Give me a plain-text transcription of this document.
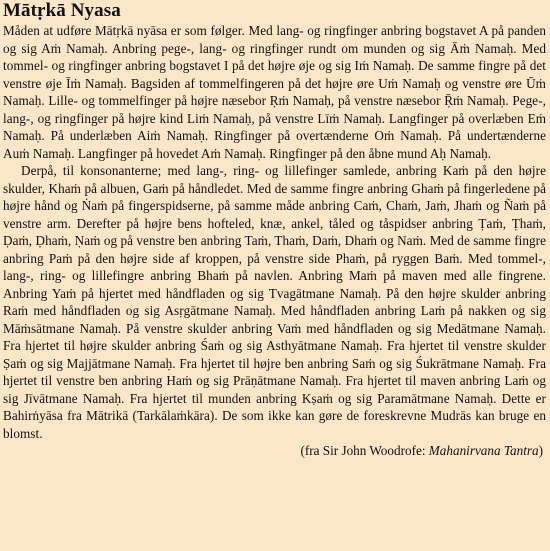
Mātṛkā Nyasa

Måden at udføre Mātṛkā nyāsa er som følger. Med lang- og ringfinger anbring bogstavet A på panden og sig Aṁ Namaḥ. Anbring pege-, lang- og ringfinger rundt om munden og sig Āṁ Namaḥ. Med tommel- og ringfinger anbring bogstavet I på det højre øje og sig Iṁ Namaḥ. De samme fingre på det venstre øje Īṁ Namaḥ. Bagsiden af tommelfingeren på det højre øre Uṁ Namaḥ og venstre øre Ūṁ Namaḥ. Lille- og tommelfinger på højre næsebor Ṛṁ Namaḥ, på venstre næsebor Ṝṁ Namaḥ. Pege-, lang-, og ringfinger på højre kind Liṁ Namaḥ, på venstre Līṁ Namaḥ. Langfinger på overlæben Eṁ Namaḥ. På underlæben Aiṁ Namaḥ. Ringfinger på overtænderne Oṁ Namaḥ. På undertænderne Auṁ Namaḥ. Langfinger på hovedet Aṁ Namaḥ. Ringfinger på den åbne mund Aḥ Namaḥ.

Derpå, til konsonanterne; med lang-, ring- og lillefinger samlede, anbring Kaṁ på den højre skulder, Khaṁ på albuen, Gaṁ på håndledet. Med de samme fingre anbring Ghaṁ på fingerledene på højre hånd og Ṅaṁ på fingerspidserne, på samme måde anbring Caṁ, Chaṁ, Jaṁ, Jhaṁ og Ñaṁ på venstre arm. Derefter på højre bens hofteled, knæ, ankel, tåled og tåspidser anbring Ṭaṁ, Ṭhaṁ, Ḍaṁ, Ḍhaṁ, Ṇaṁ og på venstre ben anbring Taṁ, Thaṁ, Daṁ, Dhaṁ og Naṁ. Med de samme fingre anbring Paṁ på den højre side af kroppen, på venstre side Phaṁ, på ryggen Baṁ. Med tommel-, lang-, ring- og lillefingre anbring Bhaṁ på navlen. Anbring Maṁ på maven med alle fingrene. Anbring Yaṁ på hjertet med håndfladen og sig Tvagātmane Namaḥ. På den højre skulder anbring Raṁ med håndfladen og sig Asṛgātmane Namaḥ. Med håndfladen anbring Laṁ på nakken og sig Māṁsātmane Namaḥ. På venstre skulder anbring Vaṁ med håndfladen og sig Medātmane Namaḥ. Fra hjertet til højre skulder anbring Śaṁ og sig Asthyātmane Namaḥ. Fra hjertet til venstre skulder Ṣaṁ og sig Majjātmane Namaḥ. Fra hjertet til højre ben anbring Saṁ og sig Śukrātmane Namaḥ. Fra hjertet til venstre ben anbring Haṁ og sig Prāṇātmane Namaḥ. Fra hjertet til maven anbring Laṁ og sig Jīvātmane Namaḥ. Fra hjertet til munden anbring Kṣaṁ og sig Paramātmane Namaḥ. Dette er Bahirṅyāsa fra Mātrikā (Tarkālaṁkāra). De som ikke kan gøre de foreskrevne Mudrās kan bruge en blomst.

(fra Sir John Woodrofe: Mahanirvana Tantra)
